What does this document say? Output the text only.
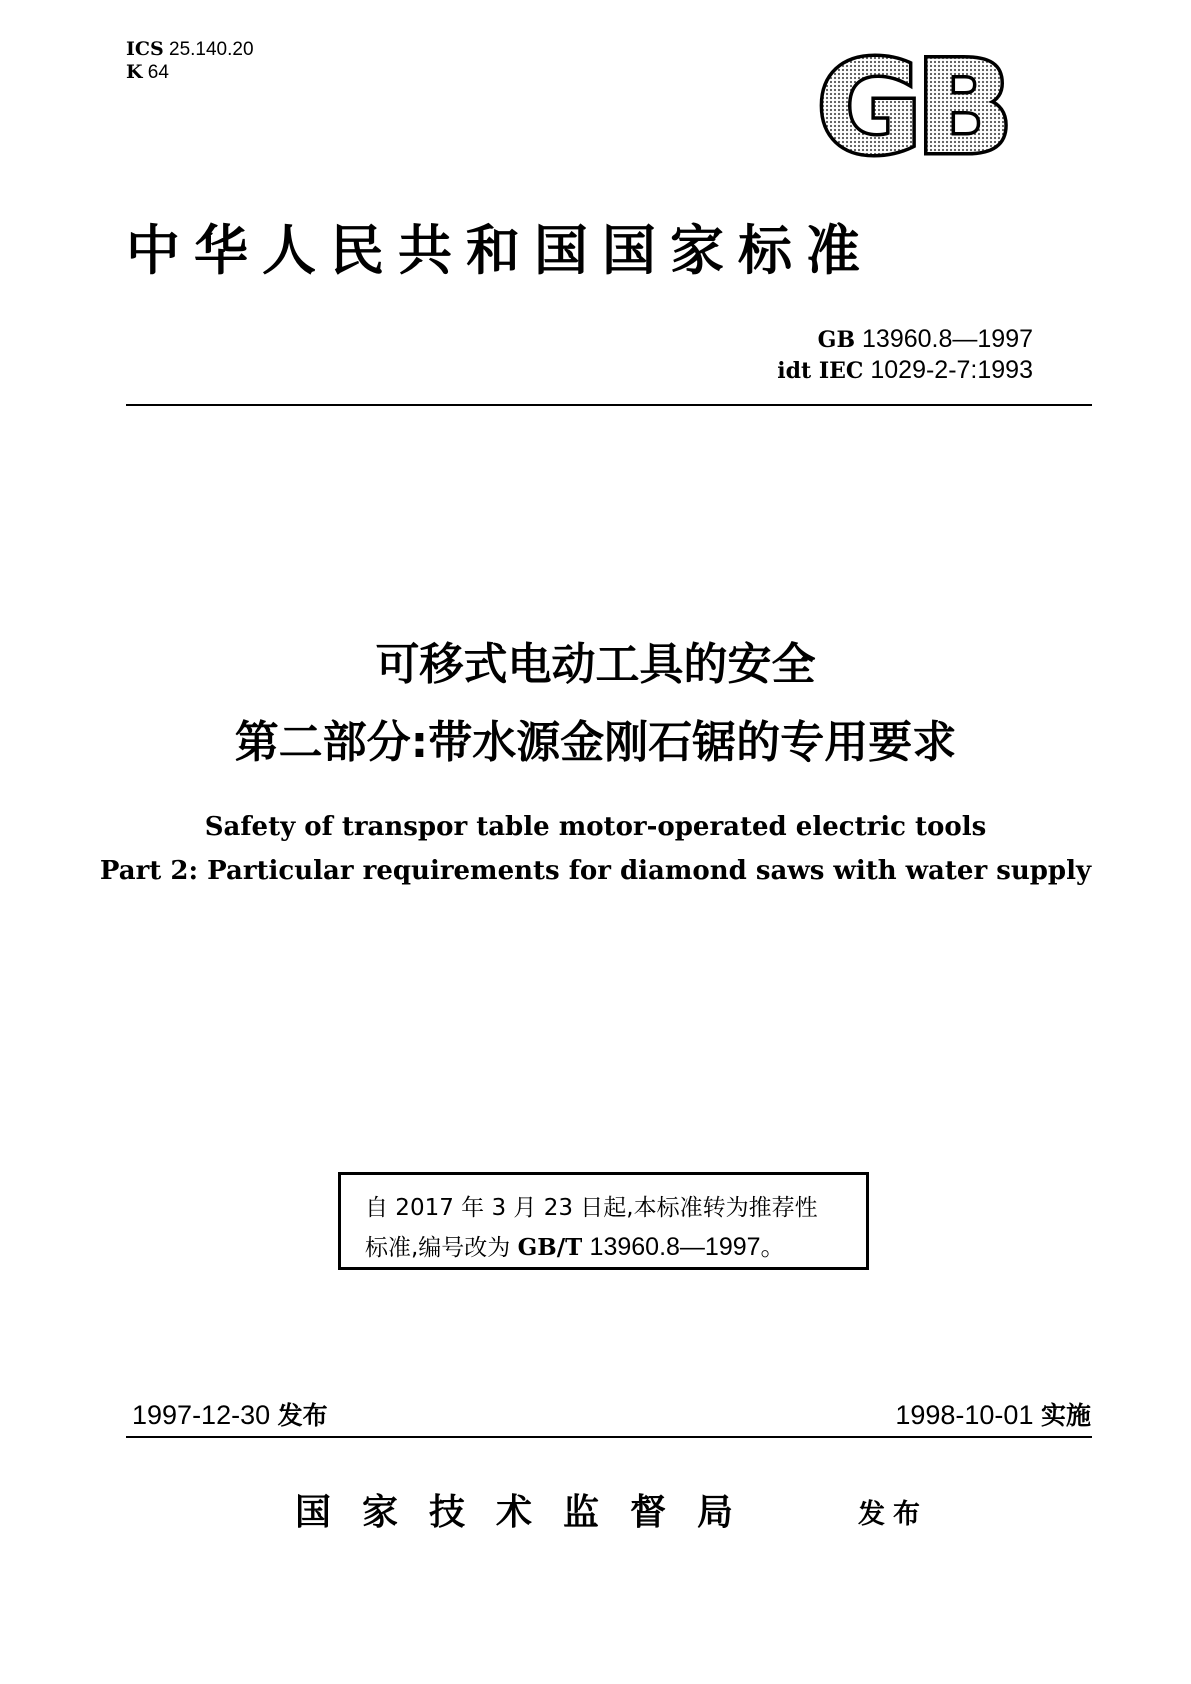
ICS 25.140.20
K 64	GB
中华人民共和国国家标准
GB 13960.8—1997
idt IEC 1029-2-7:1993
可移式电动工具的安全
第二部分:带水源金刚石锯的专用要求
Safety of transpor table motor-operated electric tools
Part 2: Particular requirements for diamond saws with water supply
自 2017 年 3 月 23 日起,本标准转为推荐性
标准,编号改为 GB/T 13960.8—1997。
1997-12-30 发布	1998-10-01 实施
国家技术监督局	发布
